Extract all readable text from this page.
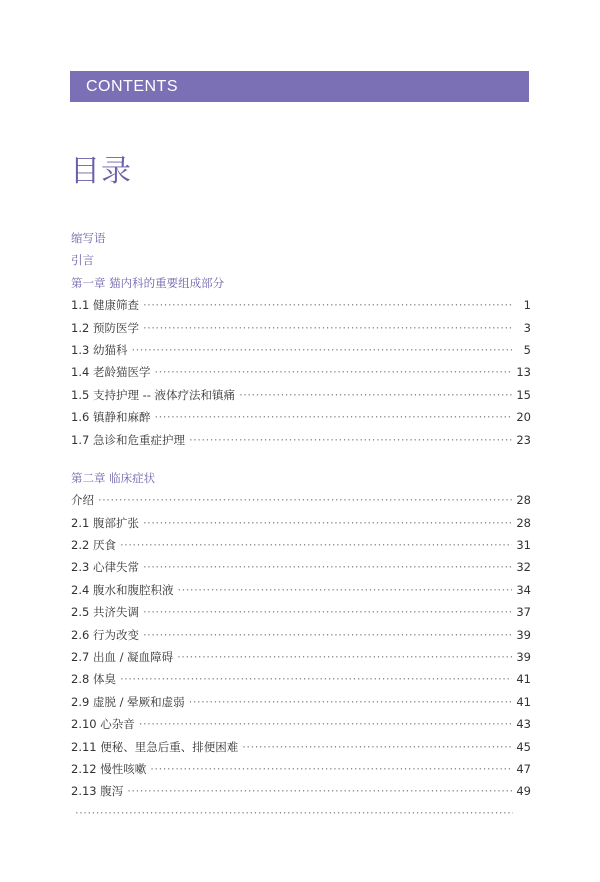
CONTENTS
目录
缩写语
引言
第一章 猫内科的重要组成部分
1.1 健康筛查 ·····	1
1.2 预防医学 ·····	3
1.3 幼猫科 ·····	5
1.4 老龄猫医学 ·····	13
1.5 支持护理 -- 液体疗法和镇痛 ·····	15
1.6 镇静和麻醉 ·····	20
1.7 急诊和危重症护理 ·····	23
第二章 临床症状
介绍 ·····	28
2.1 腹部扩张 ·····	28
2.2 厌食 ·····	31
2.3 心律失常 ·····	32
2.4 腹水和腹腔积液 ·····	34
2.5 共济失调 ·····	37
2.6 行为改变 ·····	39
2.7 出血 / 凝血障碍 ·····	39
2.8 体臭 ·····	41
2.9 虚脱 / 晕厥和虚弱 ·····	41
2.10 心杂音 ·····	43
2.11 便秘、里急后重、排便困难 ·····	45
2.12 慢性咳嗽 ·····	47
2.13 腹泻 ·····	49
·····
